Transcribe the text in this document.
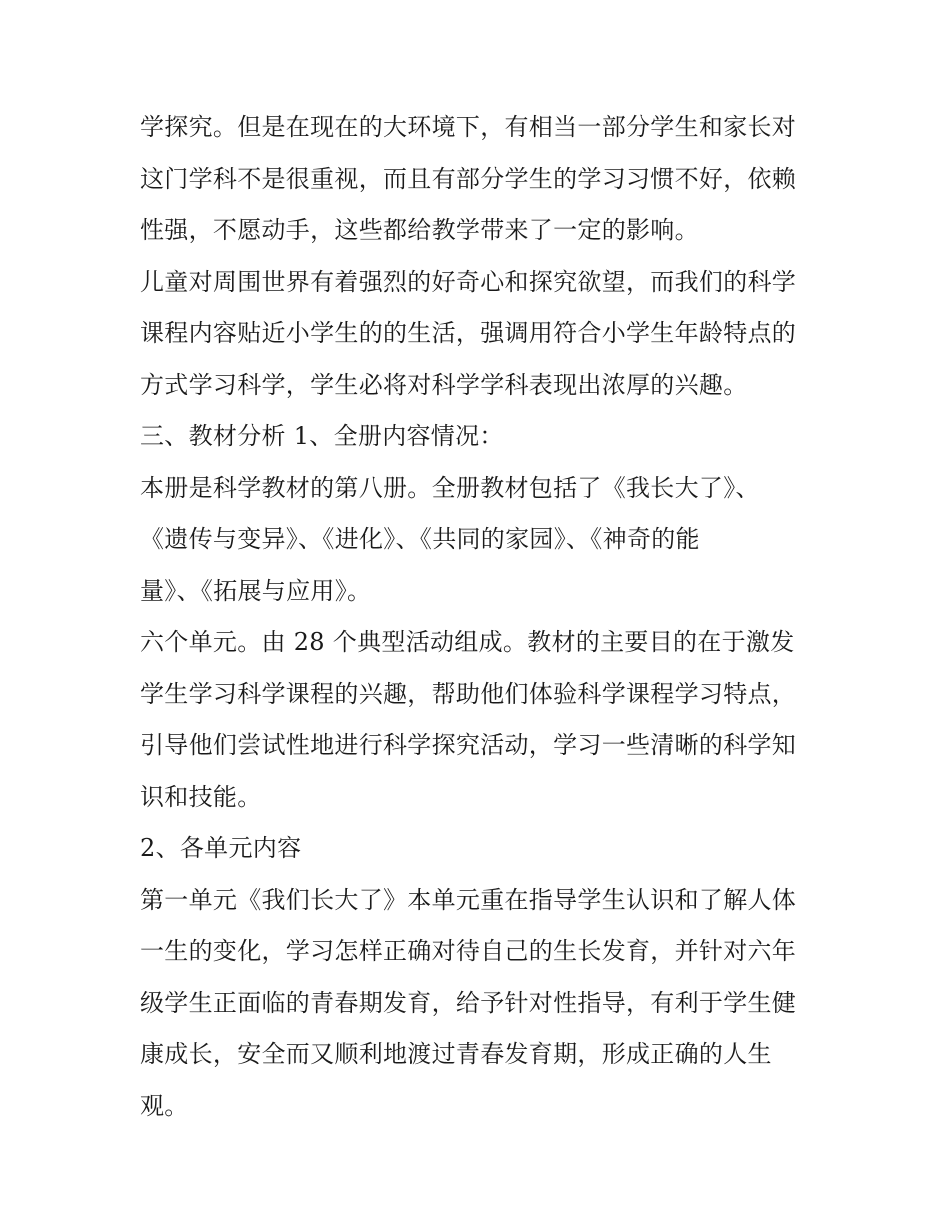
学探究。但是在现在的大环境下，有相当一部分学生和家长对
这门学科不是很重视，而且有部分学生的学习习惯不好，依赖
性强，不愿动手，这些都给教学带来了一定的影响。
儿童对周围世界有着强烈的好奇心和探究欲望，而我们的科学
课程内容贴近小学生的的生活，强调用符合小学生年龄特点的
方式学习科学，学生必将对科学学科表现出浓厚的兴趣。
三、教材分析 1、全册内容情况：
本册是科学教材的第八册。全册教材包括了《我长大了》、
《遗传与变异》、《进化》、《共同的家园》、《神奇的能
量》、《拓展与应用》。
六个单元。由 28 个典型活动组成。教材的主要目的在于激发
学生学习科学课程的兴趣，帮助他们体验科学课程学习特点，
引导他们尝试性地进行科学探究活动，学习一些清晰的科学知
识和技能。
2、各单元内容
第一单元《我们长大了》本单元重在指导学生认识和了解人体
一生的变化，学习怎样正确对待自己的生长发育，并针对六年
级学生正面临的青春期发育，给予针对性指导，有利于学生健
康成长，安全而又顺利地渡过青春发育期，形成正确的人生
观。
